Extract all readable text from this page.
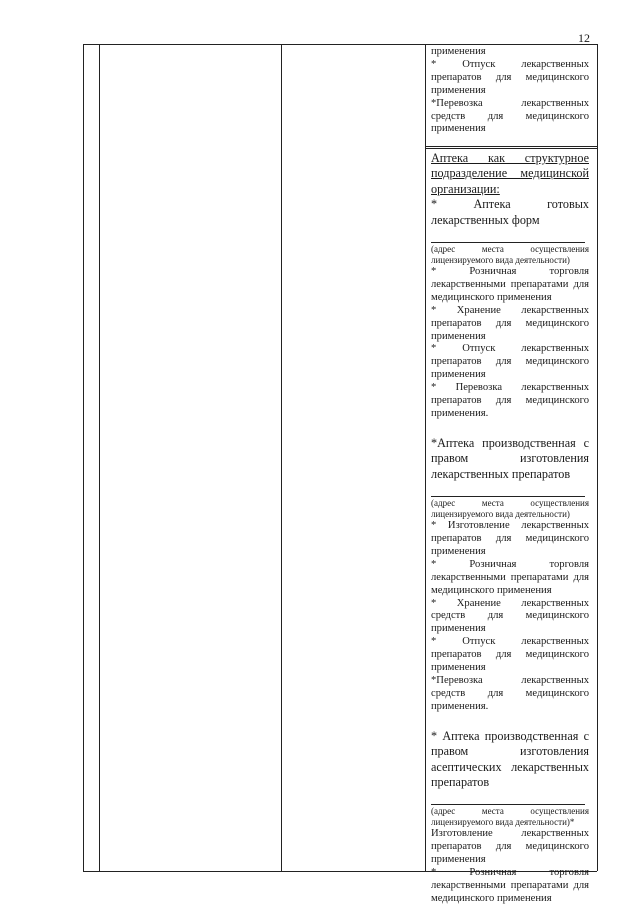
12

применения

* Отпуск лекарственных препаратов для медицинского применения

*Перевозка лекарственных средств для медицинского применения

Аптека как структурное подразделение медицинской организации:

* Аптека готовых лекарственных форм

(адрес места осуществления лицензируемого вида деятельности)

* Розничная торговля лекарственными препаратами для медицинского применения

* Хранение лекарственных препаратов для медицинского применения

* Отпуск лекарственных препаратов для медицинского применения

* Перевозка лекарственных препаратов для медицинского применения.

*Аптека производственная с правом изготовления лекарственных препаратов

(адрес места осуществления лицензируемого вида деятельности)

* Изготовление лекарственных препаратов для медицинского применения

* Розничная торговля лекарственными препаратами для медицинского применения

* Хранение лекарственных средств для медицинского применения

* Отпуск лекарственных препаратов для медицинского применения

*Перевозка лекарственных средств для медицинского применения.

* Аптека производственная с правом изготовления асептических лекарственных препаратов

(адрес места осуществления лицензируемого вида деятельности)*

Изготовление лекарственных препаратов для медицинского применения

* Розничная торговля лекарственными препаратами для медицинского применения
